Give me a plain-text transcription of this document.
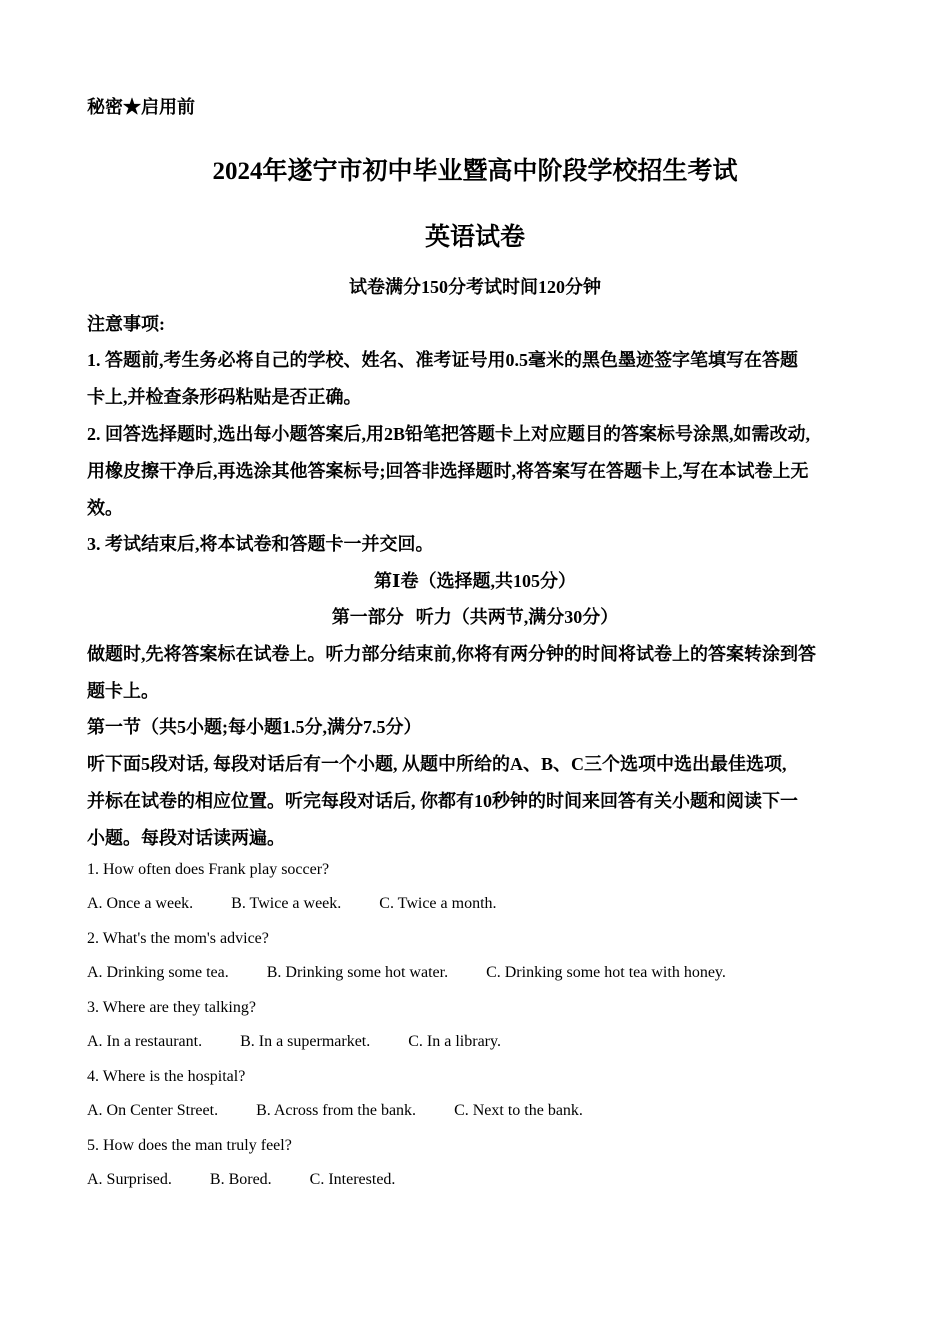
秘密★启用前
2024年遂宁市初中毕业暨高中阶段学校招生考试
英语试卷
试卷满分150分考试时间120分钟
注意事项:
1. 答题前,考生务必将自己的学校、姓名、准考证号用0.5毫米的黑色墨迹签字笔填写在答题
卡上,并检查条形码粘贴是否正确。
2. 回答选择题时,选出每小题答案后,用2B铅笔把答题卡上对应题目的答案标号涂黑,如需改动,
用橡皮擦干净后,再选涂其他答案标号;回答非选择题时,将答案写在答题卡上,写在本试卷上无
效。
3. 考试结束后,将本试卷和答题卡一并交回。
第Ⅰ卷（选择题,共105分）
第一部分 听力（共两节,满分30分）
做题时,先将答案标在试卷上。听力部分结束前,你将有两分钟的时间将试卷上的答案转涂到答
题卡上。
第一节（共5小题;每小题1.5分,满分7.5分）
听下面5段对话, 每段对话后有一个小题, 从题中所给的A、B、C三个选项中选出最佳选项,
并标在试卷的相应位置。听完每段对话后, 你都有10秒钟的时间来回答有关小题和阅读下一
小题。每段对话读两遍。
1. How often does Frank play soccer?
A. Once a week. B. Twice a week. C. Twice a month.
2. What's the mom's advice?
A. Drinking some tea. B. Drinking some hot water. C. Drinking some hot tea with honey.
3. Where are they talking?
A. In a restaurant. B. In a supermarket. C. In a library.
4. Where is the hospital?
A. On Center Street. B. Across from the bank. C. Next to the bank.
5. How does the man truly feel?
A. Surprised. B. Bored. C. Interested.
